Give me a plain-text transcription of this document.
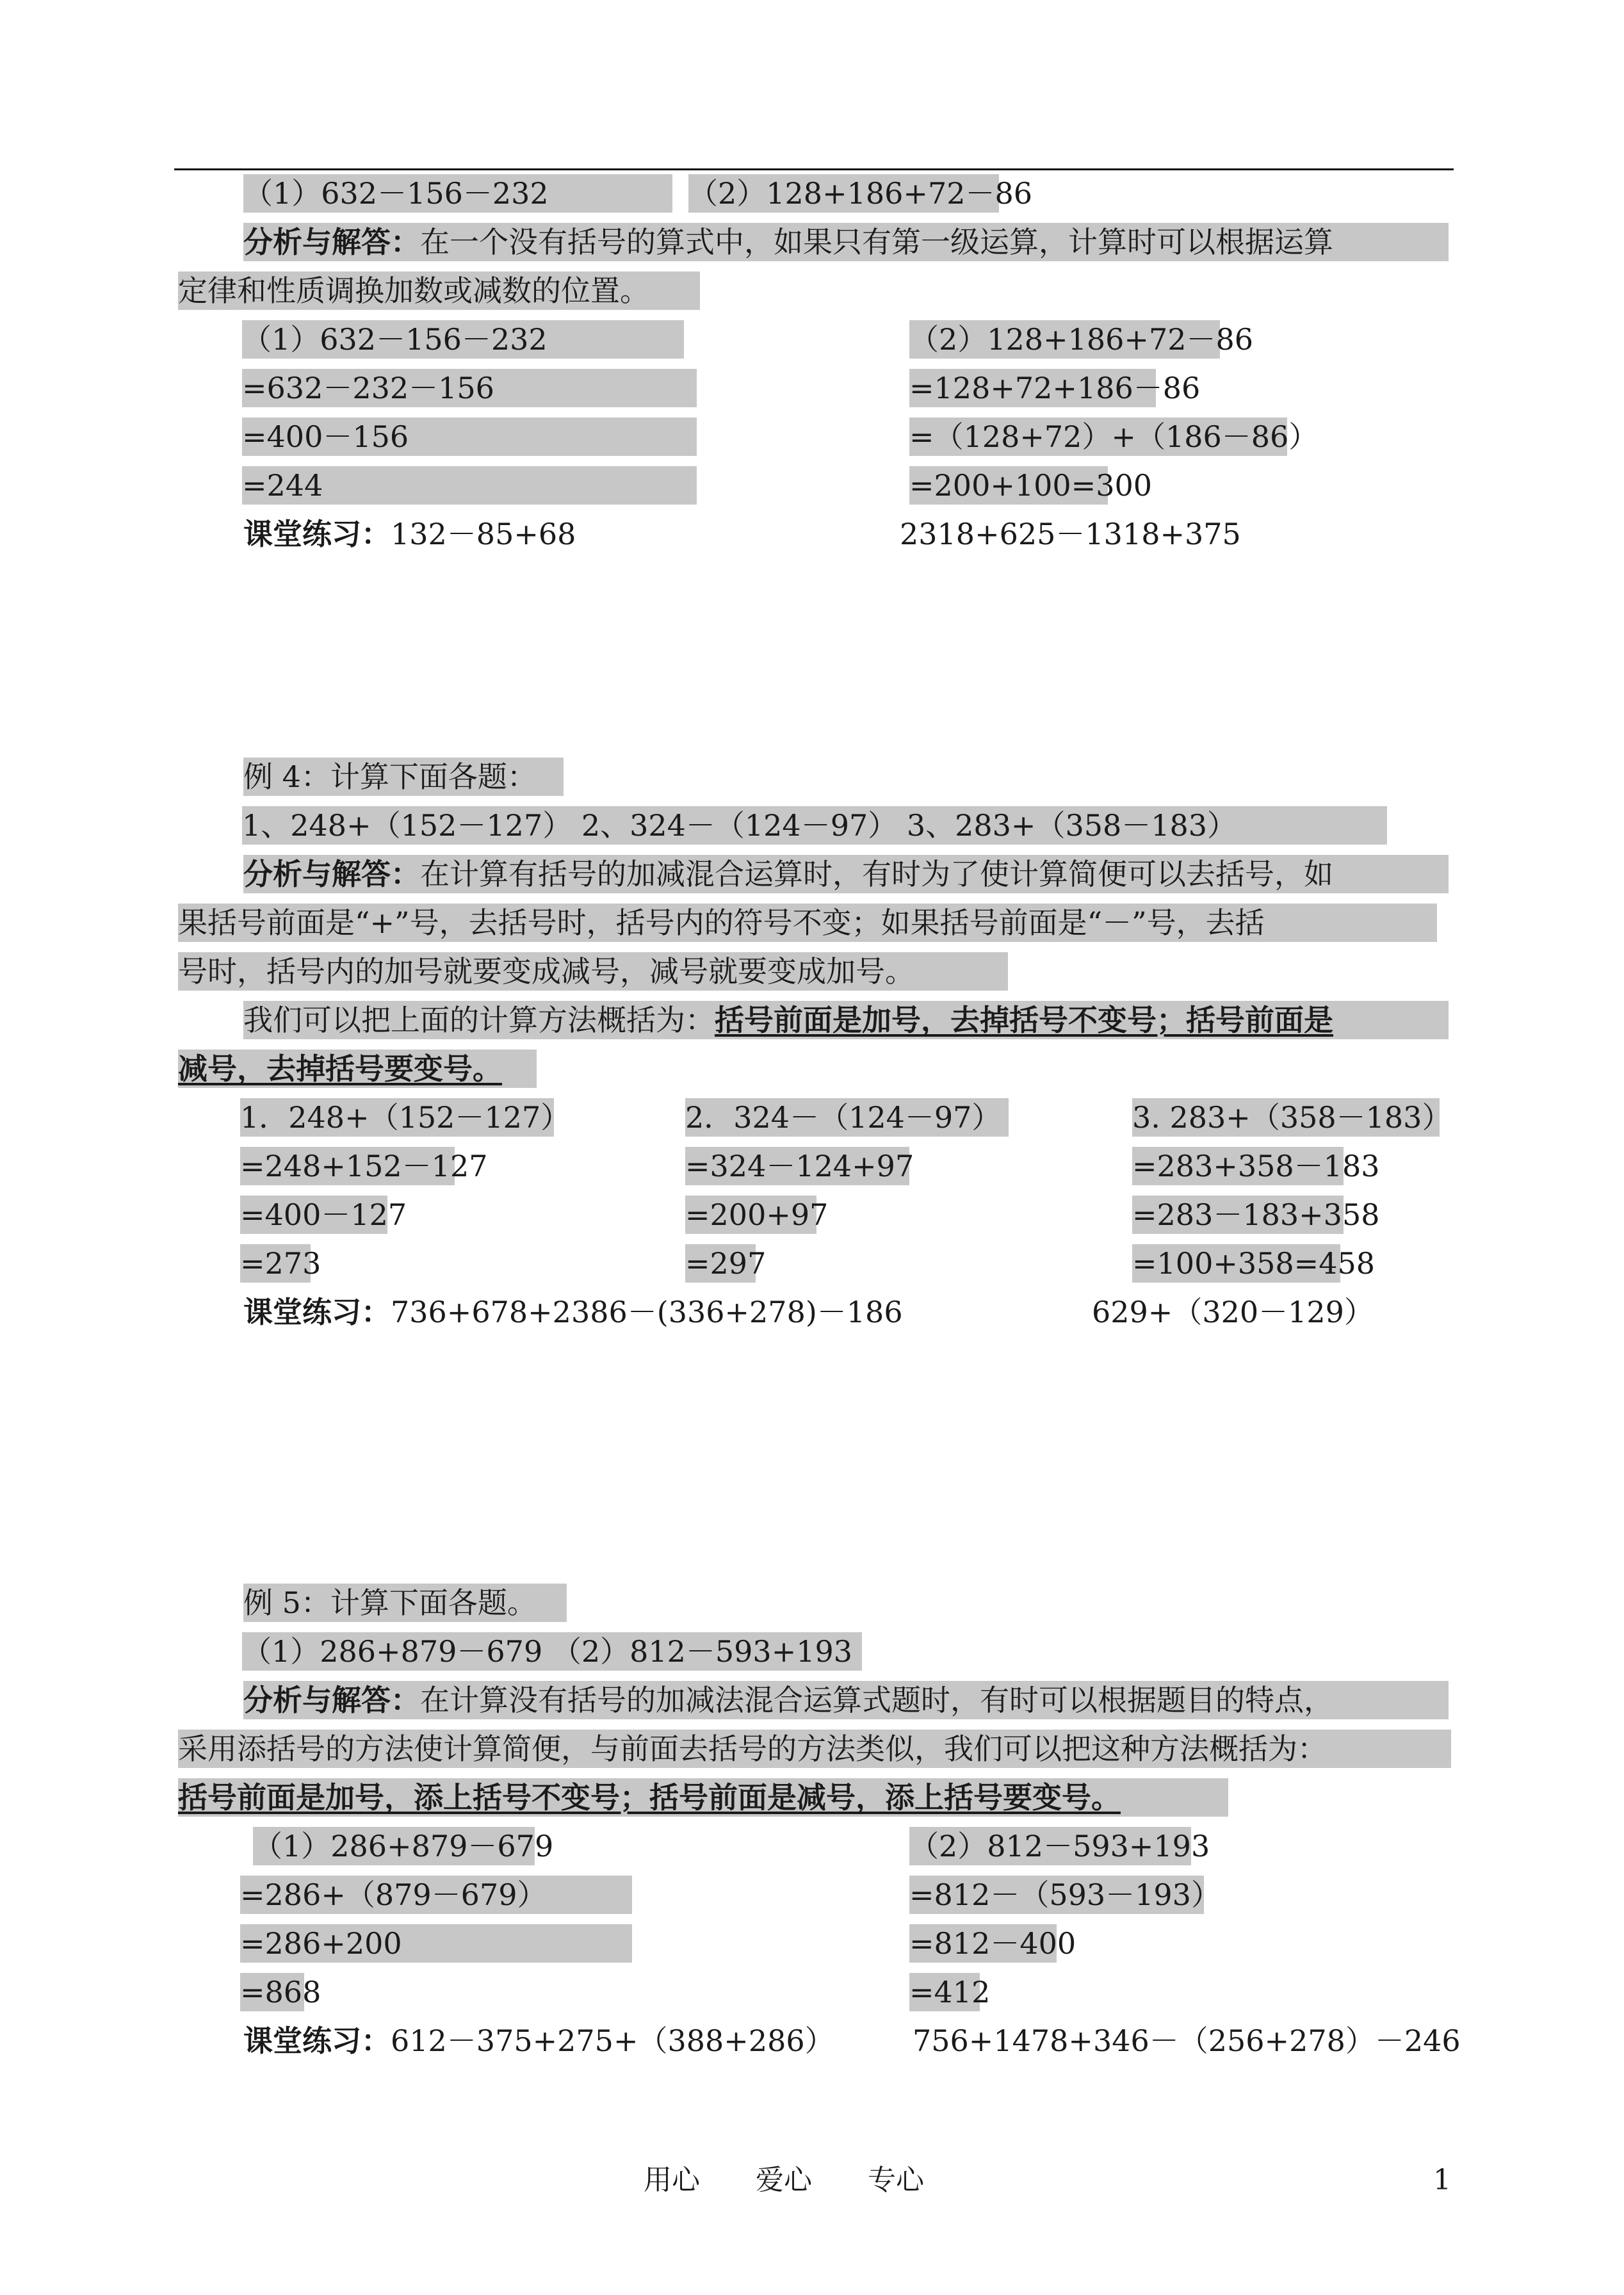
（1）632－156－232	（2）128+186+72－86
分析与解答：在一个没有括号的算式中，如果只有第一级运算，计算时可以根据运算
定律和性质调换加数或减数的位置。
（1）632－156－232
=632－232－156
=400－156
=244
（2）128+186+72－86
=128+72+186－86
=（128+72）+（186－86）
=200+100=300
课堂练习：132－85+68	2318+625－1318+375
例 4：计算下面各题：
1、248+（152－127） 2、324－（124－97） 3、283+（358－183）
分析与解答：在计算有括号的加减混合运算时，有时为了使计算简便可以去括号，如
果括号前面是“+”号，去括号时，括号内的符号不变；如果括号前面是“－”号，去括
号时，括号内的加号就要变成减号，减号就要变成加号。
我们可以把上面的计算方法概括为：括号前面是加号，去掉括号不变号；括号前面是
减号，去掉括号要变号。
1．248+（152－127）
=248+152－127
=400－127
=273
2．324－（124－97）
=324－124+97
=200+97
=297
3. 283+（358－183）
=283+358－183
=283－183+358
=100+358=458
课堂练习：736+678+2386－(336+278)－186	629+（320－129）
例 5：计算下面各题。
（1）286+879－679 （2）812－593+193
分析与解答：在计算没有括号的加减法混合运算式题时，有时可以根据题目的特点，
采用添括号的方法使计算简便，与前面去括号的方法类似，我们可以把这种方法概括为：
括号前面是加号，添上括号不变号；括号前面是减号，添上括号要变号。
（1）286+879－679
=286+（879－679）
=286+200
=868
（2）812－593+193
=812－（593－193）
=812－400
=412
课堂练习：612－375+275+（388+286）	756+1478+346－（256+278）－246
用心 爱心 专心	1
